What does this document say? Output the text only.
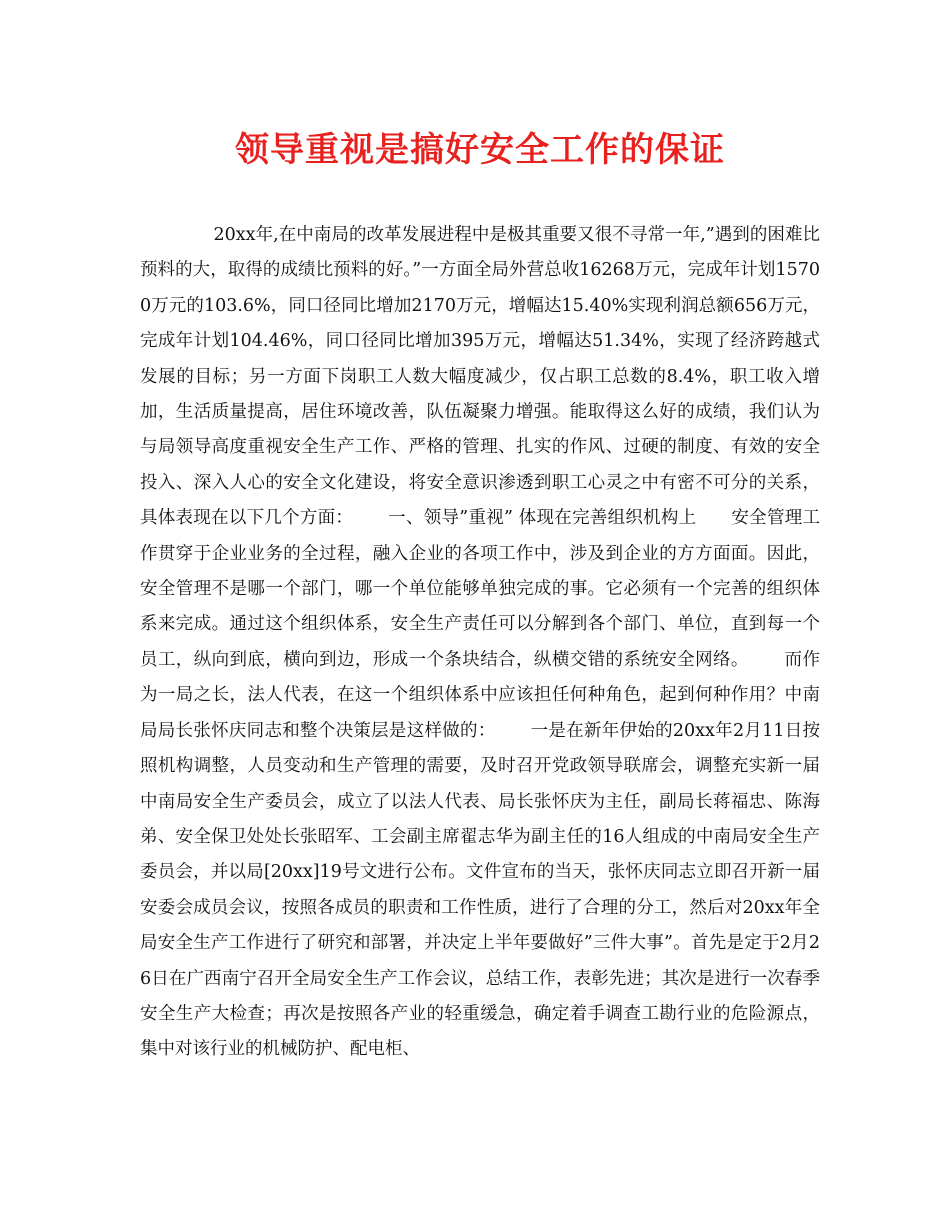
领导重视是搞好安全工作的保证
20xx年,在中南局的改革发展进程中是极其重要又很不寻常一年,”遇到的困难比预料的大，取得的成绩比预料的好。”一方面全局外营总收16268万元，完成年计划15700万元的103.6%，同口径同比增加2170万元，增幅达15.40%实现利润总额656万元，完成年计划104.46%，同口径同比增加395万元，增幅达51.34%，实现了经济跨越式发展的目标；另一方面下岗职工人数大幅度减少，仅占职工总数的8.4%，职工收入增加，生活质量提高，居住环境改善，队伍凝聚力增强。能取得这么好的成绩，我们认为与局领导高度重视安全生产工作、严格的管理、扎实的作风、过硬的制度、有效的安全投入、深入人心的安全文化建设，将安全意识渗透到职工心灵之中有密不可分的关系，具体表现在以下几个方面：      一、领导”重视” 体现在完善组织机构上      安全管理工作贯穿于企业业务的全过程，融入企业的各项工作中，涉及到企业的方方面面。因此，安全管理不是哪一个部门，哪一个单位能够单独完成的事。它必须有一个完善的组织体系来完成。通过这个组织体系，安全生产责任可以分解到各个部门、单位，直到每一个员工，纵向到底，横向到边，形成一个条块结合，纵横交错的系统安全网络。      而作为一局之长，法人代表，在这一个组织体系中应该担任何种角色，起到何种作用？中南局局长张怀庆同志和整个决策层是这样做的：      一是在新年伊始的20xx年2月11日按照机构调整，人员变动和生产管理的需要，及时召开党政领导联席会，调整充实新一届中南局安全生产委员会，成立了以法人代表、局长张怀庆为主任，副局长蒋福忠、陈海弟、安全保卫处处长张昭军、工会副主席翟志华为副主任的16人组成的中南局安全生产委员会，并以局[20xx]19号文进行公布。文件宣布的当天，张怀庆同志立即召开新一届安委会成员会议，按照各成员的职责和工作性质，进行了合理的分工，然后对20xx年全局安全生产工作进行了研究和部署，并决定上半年要做好”三件大事”。首先是定于2月26日在广西南宁召开全局安全生产工作会议，总结工作，表彰先进；其次是进行一次春季安全生产大检查；再次是按照各产业的轻重缓急，确定着手调查工勘行业的危险源点，集中对该行业的机械防护、配电柜、
